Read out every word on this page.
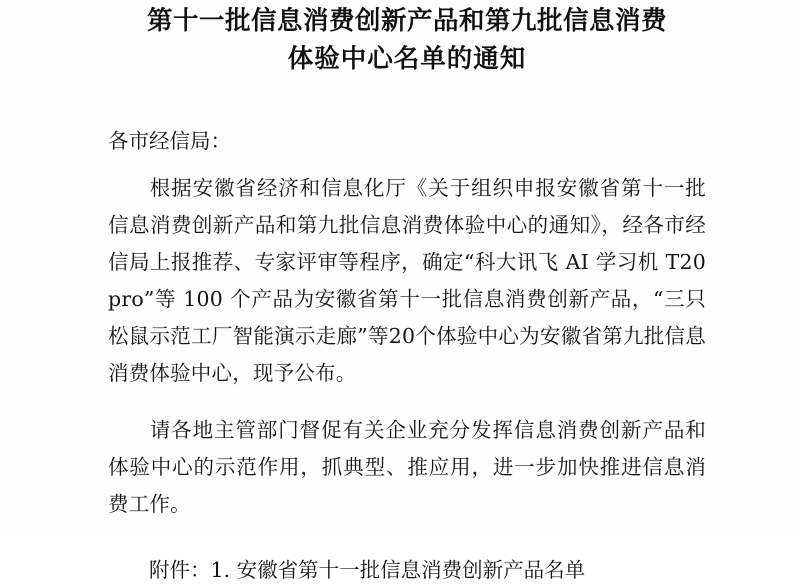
第十一批信息消费创新产品和第九批信息消费
体验中心名单的通知

各市经信局：

根据安徽省经济和信息化厅《关于组织申报安徽省第十一批信息消费创新产品和第九批信息消费体验中心的通知》，经各市经信局上报推荐、专家评审等程序，确定“科大讯飞 AI 学习机 T20 pro”等 100 个产品为安徽省第十一批信息消费创新产品，“三只松鼠示范工厂智能演示走廊”等20个体验中心为安徽省第九批信息消费体验中心，现予公布。

请各地主管部门督促有关企业充分发挥信息消费创新产品和体验中心的示范作用，抓典型、推应用，进一步加快推进信息消费工作。

附件：1. 安徽省第十一批信息消费创新产品名单
